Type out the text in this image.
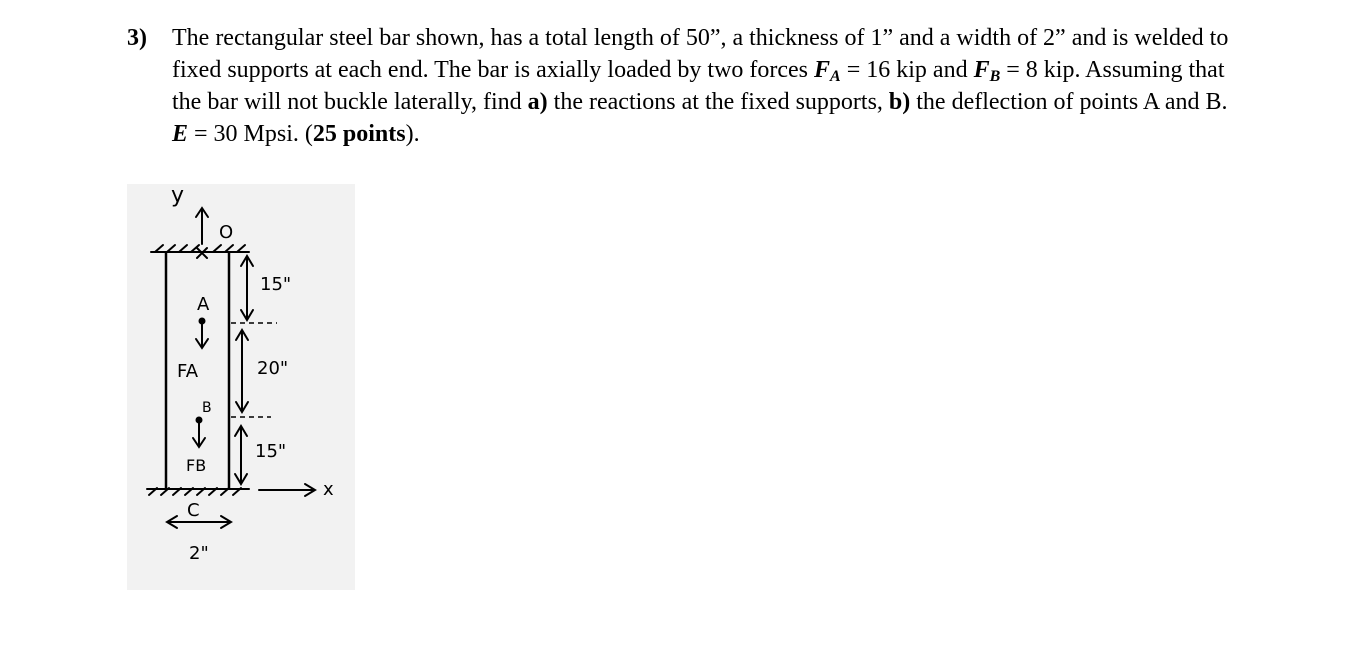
3) The rectangular steel bar shown, has a total length of 50”, a thickness of 1” and a width of 2” and is welded to fixed supports at each end. The bar is axially loaded by two forces $F_A = 16$ kip and $F_B = 8$ kip. Assuming that the bar will not buckle laterally, find a) the reactions at the fixed supports, b) the deflection of points A and B. E = 30 Mpsi. (25 points).
y
O
A
FA
B
FB
15"
20"
15"
x
C
2"
